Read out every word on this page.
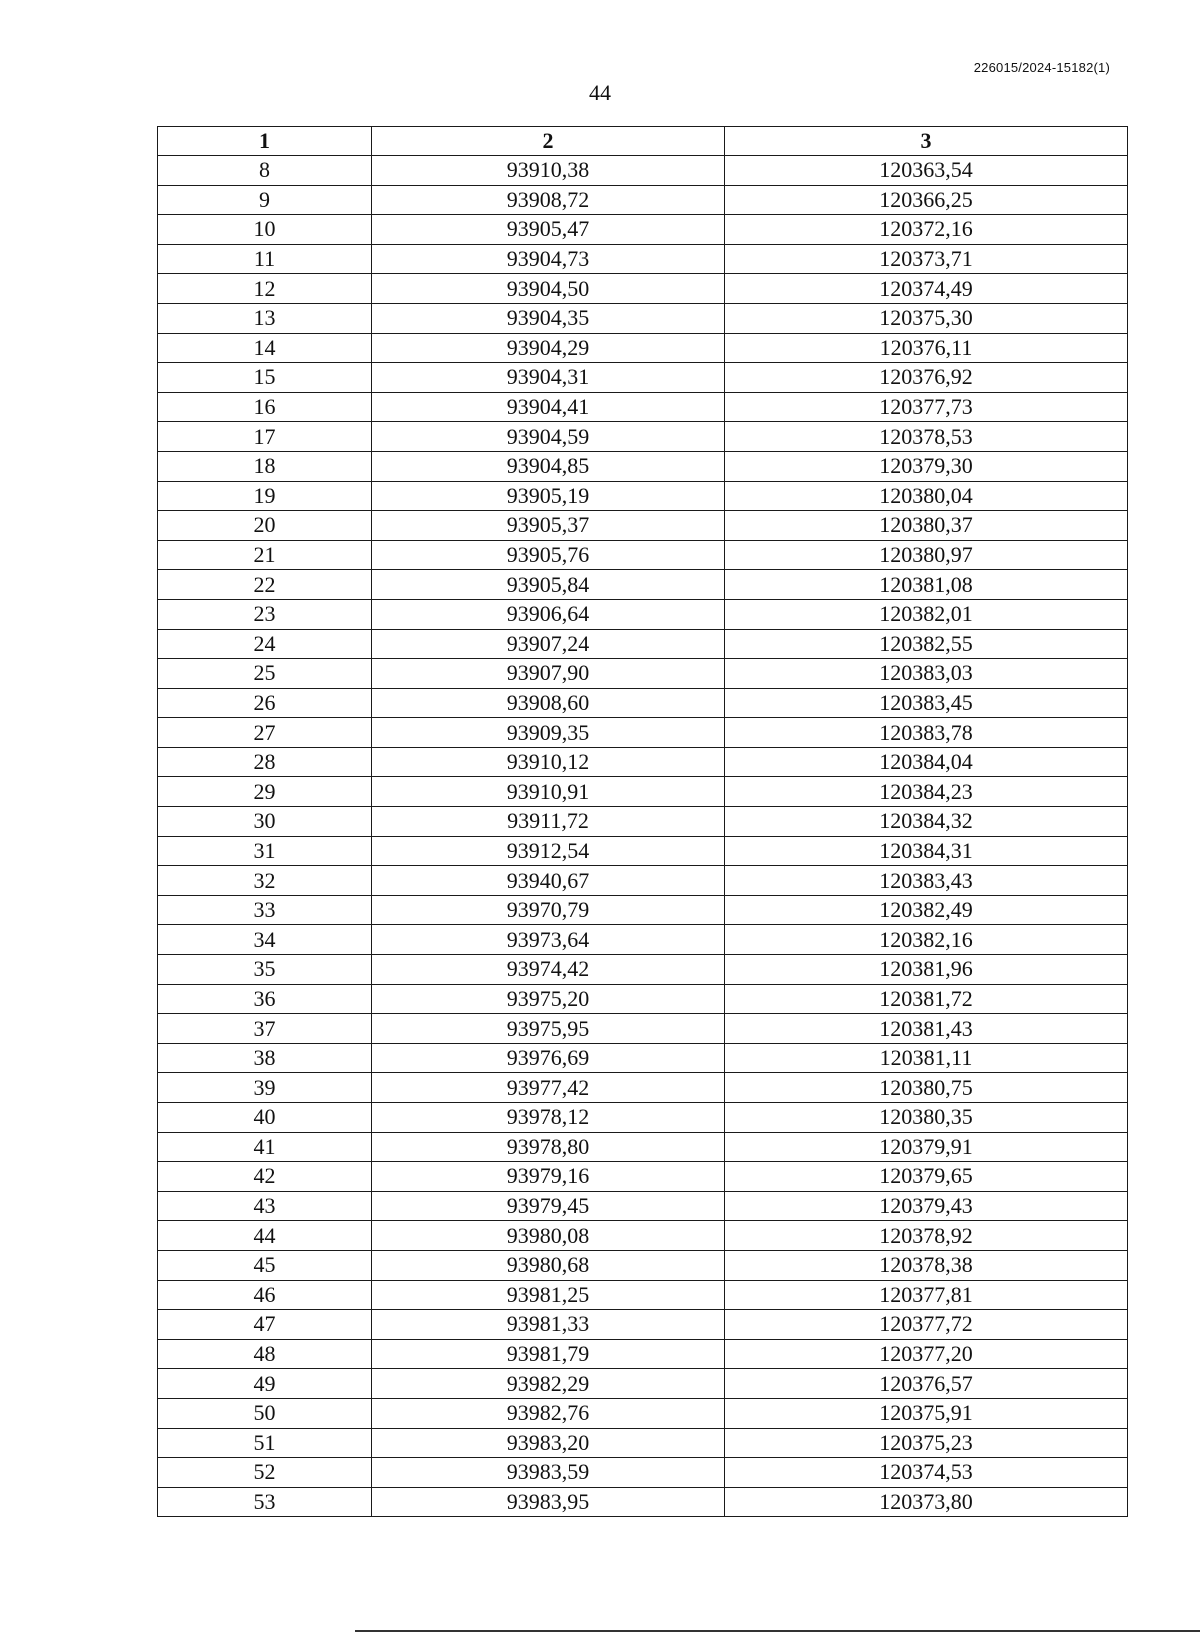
226015/2024-15182(1)
44
1	2	3
8	93910,38	120363,54
9	93908,72	120366,25
10	93905,47	120372,16
11	93904,73	120373,71
12	93904,50	120374,49
13	93904,35	120375,30
14	93904,29	120376,11
15	93904,31	120376,92
16	93904,41	120377,73
17	93904,59	120378,53
18	93904,85	120379,30
19	93905,19	120380,04
20	93905,37	120380,37
21	93905,76	120380,97
22	93905,84	120381,08
23	93906,64	120382,01
24	93907,24	120382,55
25	93907,90	120383,03
26	93908,60	120383,45
27	93909,35	120383,78
28	93910,12	120384,04
29	93910,91	120384,23
30	93911,72	120384,32
31	93912,54	120384,31
32	93940,67	120383,43
33	93970,79	120382,49
34	93973,64	120382,16
35	93974,42	120381,96
36	93975,20	120381,72
37	93975,95	120381,43
38	93976,69	120381,11
39	93977,42	120380,75
40	93978,12	120380,35
41	93978,80	120379,91
42	93979,16	120379,65
43	93979,45	120379,43
44	93980,08	120378,92
45	93980,68	120378,38
46	93981,25	120377,81
47	93981,33	120377,72
48	93981,79	120377,20
49	93982,29	120376,57
50	93982,76	120375,91
51	93983,20	120375,23
52	93983,59	120374,53
53	93983,95	120373,80
